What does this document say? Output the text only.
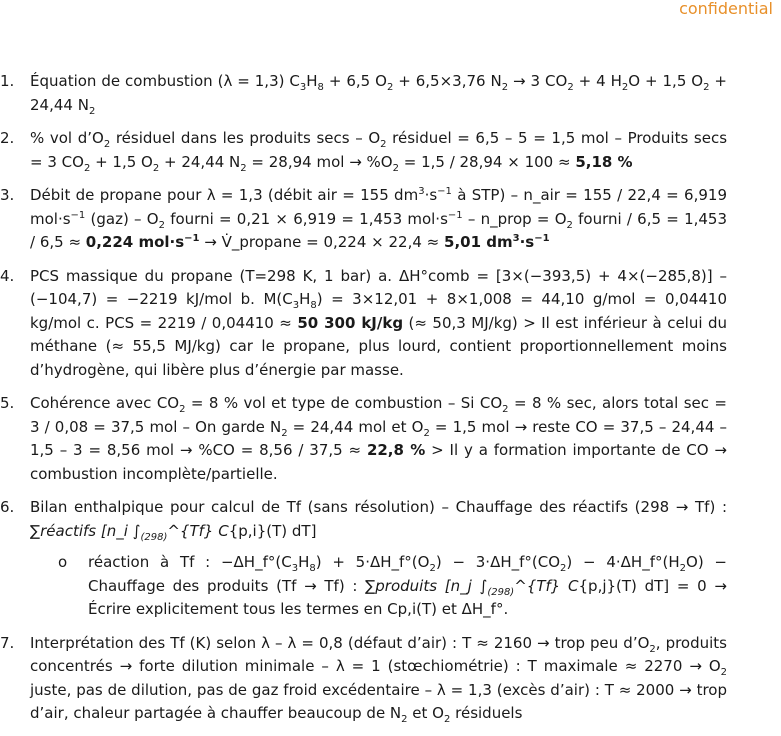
confidential
1.	Équation de combustion (λ = 1,3) $C_3H_8 + 6,5$ $O_2 + 6,5\times 3,76$ $N_2 \to 3$ $CO_2 + 4$ $H_2O + 1,5$ $O_2 + 24,44$ $N_2$
2.	% vol $d’O_2$ résiduel dans les produits secs – $O_2$ résiduel = 6,5 – 5 = 1,5 mol – Produits secs = 3 $CO_2 + 1,5$ $O_2 + 24,44$ $N_2 = 28,94$ mol → $\%O_2 = 1,5 / 28,94 \times 100 \approx 5,18$ %
3.	Débit de propane pour λ = 1,3 (débit air = 155 $dm^3\cdot s^{-1}$ à STP) – n_air = 155 / 22,4 = 6,919 $mol\cdot s^{-1}$ $(gaz) - O_2$ fourni = 0,21 × 6,919 = 1,453 $mol\cdot s^{-1}$ – n_prop = $O_2$ fourni / 6,5 = 1,453 / 6,5 ≈ 0,224 $mol\cdot s^{-1}$ → V̇_propane = 0,224 × 22,4 ≈ 5,01 $dm^3\cdot s^{-1}$
4.	PCS massique du propane (T=298 K, 1 bar) a. ΔH°comb = [3×(−393,5) + 4×(−285,8)] – (−104,7) = −2219 kJ/mol b. $M(C_3H_8) = 3\times 12,01 + 8\times 1,008 = 44,10$ g/mol = 0,04410 kg/mol c. PCS = 2219 / 0,04410 ≈ 50 300 kJ/kg (≈ 50,3 MJ/kg) > Il est inférieur à celui du méthane (≈ 55,5 MJ/kg) car le propane, plus lourd, contient proportionnellement moins d’hydrogène, qui libère plus d’énergie par masse.
5.	Cohérence avec $CO_2 = 8$ % vol et type de combustion – Si $CO_2 = 8$ % sec, alors total sec = 3 / 0,08 = 37,5 mol – On garde $N_2 = 24,44$ mol et $O_2 = 1,5$ mol → reste CO = 37,5 – 24,44 – 1,5 – 3 = 8,56 mol → %CO = 8,56 / 37,5 ≈ 22,8 % > Il y a formation importante de CO → combustion incomplète/partielle.
6.	Bilan enthalpique pour calcul de Tf (sans résolution) – Chauffage des réactifs (298 → Tf) : ∑réactifs [n_i $\int_{(298)}\^{}\{Tf\}$ C{p,i}(T) dT]
o réaction à Tf : $-\Delta H\_f^\circ(C_3H_8)$ + $5\cdot\Delta H\_f^\circ(O_2)$ − $3\cdot\Delta H\_f^\circ(CO_2)$ − $4\cdot\Delta H\_f^\circ(H_2O)$ − Chauffage des produits (Tf → Tf) : ∑produits [n_j $\int_{(298)}\^{}\{Tf\}$ C{p,j}(T) dT] = 0 → Écrire explicitement tous les termes en Cp,i(T) et ΔH_f°.
7.	Interprétation des Tf (K) selon λ – λ = 0,8 (défaut d’air) : T ≈ 2160 → trop peu $d’O_2$, produits concentrés → forte dilution minimale – λ = 1 (stœchiométrie) : T maximale ≈ $2270 \to O_2$ juste, pas de dilution, pas de gaz froid excédentaire – λ = 1,3 (excès d’air) : T ≈ 2000 → trop d’air, chaleur partagée à chauffer beaucoup de $N_2$ et $O_2$ résiduels
